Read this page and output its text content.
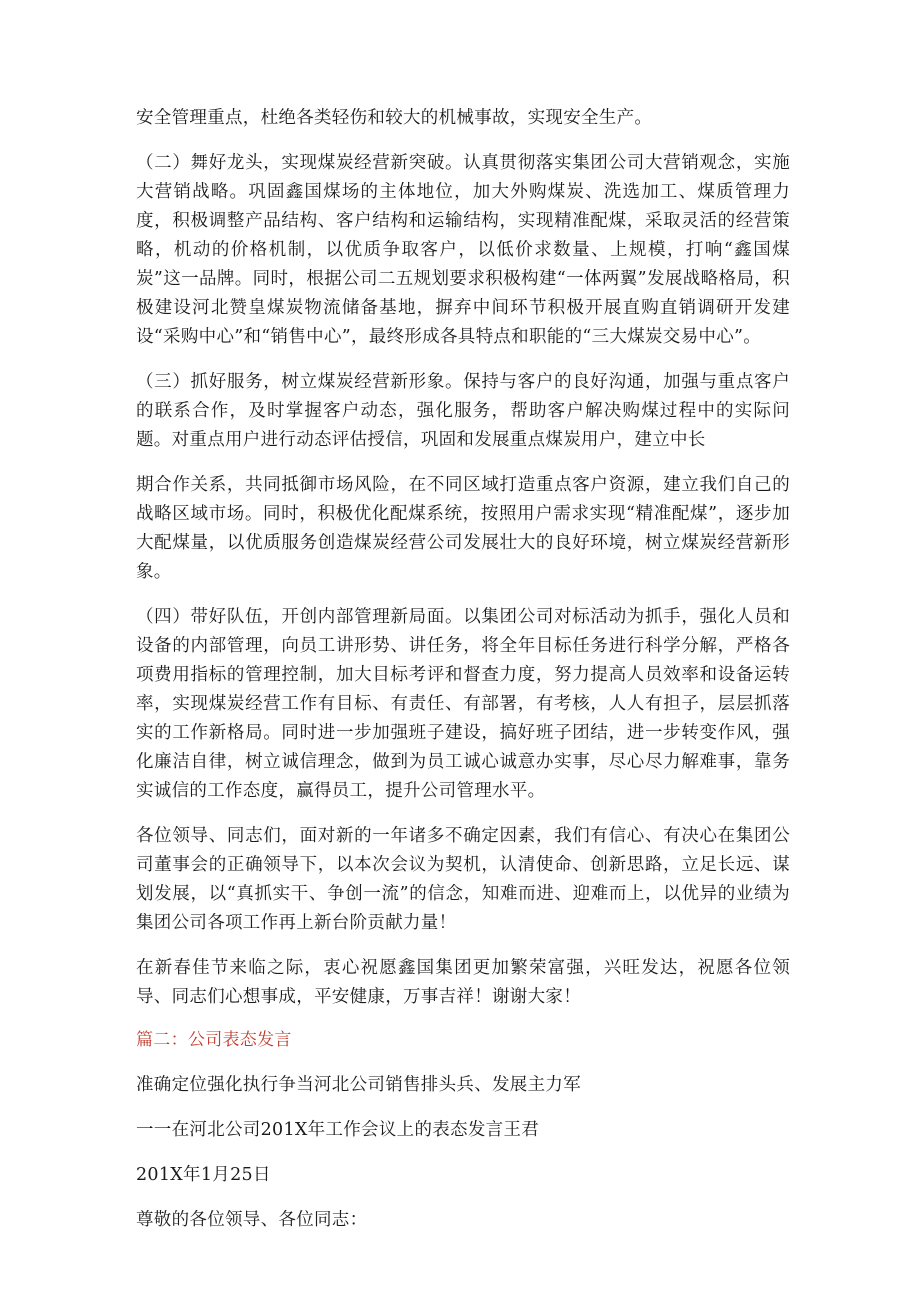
安全管理重点，杜绝各类轻伤和较大的机械事故，实现安全生产。

（二）舞好龙头，实现煤炭经营新突破。认真贯彻落实集团公司大营销观念，实施大营销战略。巩固鑫国煤场的主体地位，加大外购煤炭、洗选加工、煤质管理力度，积极调整产品结构、客户结构和运输结构，实现精准配煤，采取灵活的经营策略，机动的价格机制，以优质争取客户，以低价求数量、上规模，打响“鑫国煤炭”这一品牌。同时，根据公司二五规划要求积极构建“一体两翼”发展战略格局，积极建设河北赞皇煤炭物流储备基地，摒弃中间环节积极开展直购直销调研开发建设“采购中心”和“销售中心”，最终形成各具特点和职能的“三大煤炭交易中心”。

（三）抓好服务，树立煤炭经营新形象。保持与客户的良好沟通，加强与重点客户的联系合作，及时掌握客户动态，强化服务，帮助客户解决购煤过程中的实际问题。对重点用户进行动态评估授信，巩固和发展重点煤炭用户，建立中长

期合作关系，共同抵御市场风险，在不同区域打造重点客户资源，建立我们自己的战略区域市场。同时，积极优化配煤系统，按照用户需求实现“精准配煤”，逐步加大配煤量，以优质服务创造煤炭经营公司发展壮大的良好环境，树立煤炭经营新形象。

（四）带好队伍，开创内部管理新局面。以集团公司对标活动为抓手，强化人员和设备的内部管理，向员工讲形势、讲任务，将全年目标任务进行科学分解，严格各项费用指标的管理控制，加大目标考评和督查力度，努力提高人员效率和设备运转率，实现煤炭经营工作有目标、有责任、有部署，有考核，人人有担子，层层抓落实的工作新格局。同时进一步加强班子建设，搞好班子团结，进一步转变作风，强化廉洁自律，树立诚信理念，做到为员工诚心诚意办实事，尽心尽力解难事，靠务实诚信的工作态度，赢得员工，提升公司管理水平。

各位领导、同志们，面对新的一年诸多不确定因素，我们有信心、有决心在集团公司董事会的正确领导下，以本次会议为契机，认清使命、创新思路，立足长远、谋划发展，以“真抓实干、争创一流”的信念，知难而进、迎难而上，以优异的业绩为集团公司各项工作再上新台阶贡献力量！

在新春佳节来临之际，衷心祝愿鑫国集团更加繁荣富强，兴旺发达，祝愿各位领导、同志们心想事成，平安健康，万事吉祥！谢谢大家！

篇二：公司表态发言

准确定位强化执行争当河北公司销售排头兵、发展主力军

一一在河北公司201X年工作会议上的表态发言王君

201X年1月25日

尊敬的各位领导、各位同志：
